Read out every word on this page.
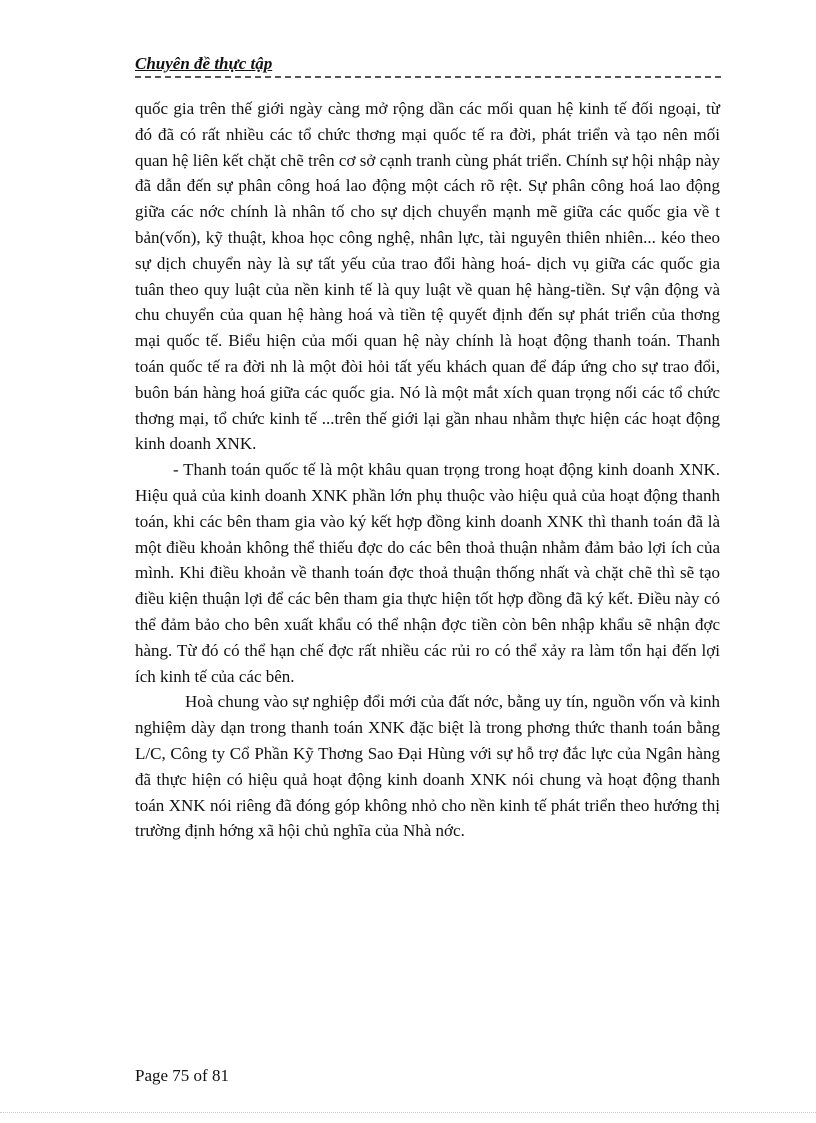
Chuyên đề thực tập

quốc gia trên thế giới ngày càng mở rộng dần các mối quan hệ kinh tế đối ngoại, từ đó đã có rất nhiều các tổ chức thơng mại quốc tế ra đời, phát triển và tạo nên mối quan hệ liên kết chặt chẽ trên cơ sở cạnh tranh cùng phát triển. Chính sự hội nhập này đã dẫn đến sự phân công hoá lao động một cách rõ rệt. Sự phân công hoá lao động giữa các nớc chính là nhân tố cho sự dịch chuyển mạnh mẽ giữa các quốc gia về t bản(vốn), kỹ thuật, khoa học công nghệ, nhân lực, tài nguyên thiên nhiên... kéo theo sự dịch chuyển này là sự tất yếu của trao đổi hàng hoá- dịch vụ giữa các quốc gia tuân theo quy luật của nền kinh tế là quy luật về quan hệ hàng-tiền. Sự vận động và chu chuyển của quan hệ hàng hoá và tiền tệ quyết định đến sự phát triển của thơng mại quốc tế. Biểu hiện của mối quan hệ này chính là hoạt động thanh toán. Thanh toán quốc tế ra đời nh là một đòi hỏi tất yếu khách quan để đáp ứng cho sự trao đổi, buôn bán hàng hoá giữa các quốc gia. Nó là một mắt xích quan trọng nối các tổ chức thơng mại, tổ chức kinh tế ...trên thế giới lại gần nhau nhằm thực hiện các hoạt động kinh doanh XNK.

- Thanh toán quốc tế là một khâu quan trọng trong hoạt động kinh doanh XNK. Hiệu quả của kinh doanh XNK phần lớn phụ thuộc vào hiệu quả của hoạt động thanh toán, khi các bên tham gia vào ký kết hợp đồng kinh doanh XNK thì thanh toán đã là một điều khoản không thể thiếu đợc do các bên thoả thuận nhằm đảm bảo lợi ích của mình. Khi điều khoản về thanh toán đợc thoả thuận thống nhất và chặt chẽ thì sẽ tạo điều kiện thuận lợi để các bên tham gia thực hiện tốt hợp đồng đã ký kết. Điều này có thể đảm bảo cho bên xuất khẩu có thể nhận đợc tiền còn bên nhập khẩu sẽ nhận đợc hàng. Từ đó có thể hạn chế đợc rất nhiều các rủi ro có thể xảy ra làm tổn hại đến lợi ích kinh tế của các bên.

Hoà chung vào sự nghiệp đổi mới của đất nớc, bằng uy tín, nguồn vốn và kinh nghiệm dày dạn trong thanh toán XNK đặc biệt là trong phơng thức thanh toán bằng L/C, Công ty Cổ Phần Kỹ Thơng Sao Đại Hùng với sự hỗ trợ đắc lực của Ngân hàng đã thực hiện có hiệu quả hoạt động kinh doanh XNK nói chung và hoạt động thanh toán XNK nói riêng đã đóng góp không nhỏ cho nền kinh tế phát triển theo hướng thị trường định hớng xã hội chủ nghĩa của Nhà nớc.

Page 75 of 81
